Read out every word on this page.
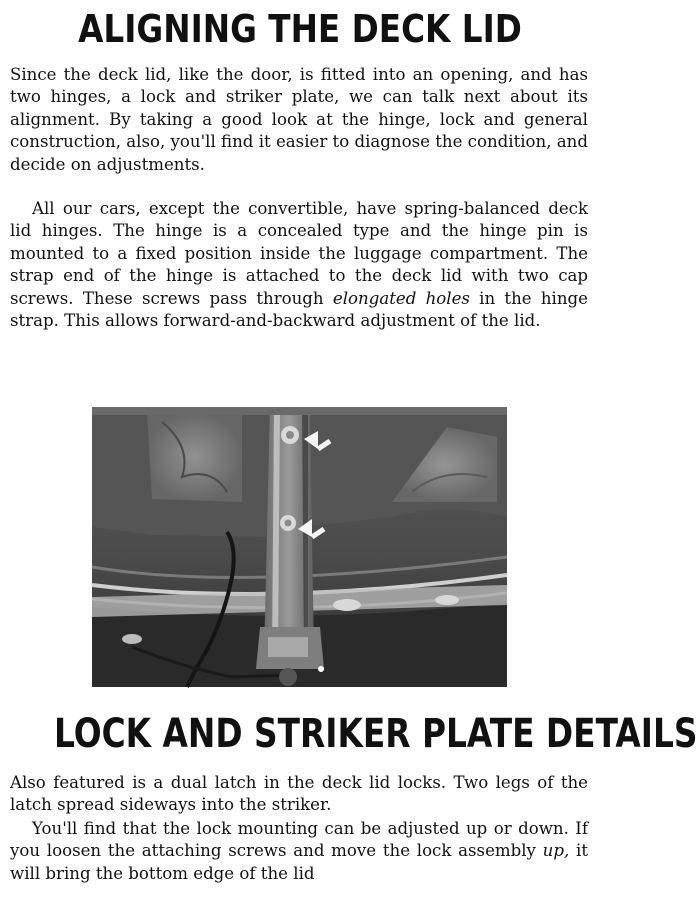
ALIGNING THE DECK LID

Since the deck lid, like the door, is fitted into an opening, and has two hinges, a lock and striker plate, we can talk next about its alignment. By taking a good look at the hinge, lock and general construction, also, you'll find it easier to diagnose the condition, and decide on adjustments.

All our cars, except the convertible, have spring-balanced deck lid hinges. The hinge is a concealed type and the hinge pin is mounted to a fixed position inside the luggage compartment. The strap end of the hinge is attached to the deck lid with two cap screws. These screws pass through elongated holes in the hinge strap. This allows forward-and-backward adjustment of the lid.

LOCK AND STRIKER PLATE DETAILS

Also featured is a dual latch in the deck lid locks. Two legs of the latch spread sideways into the striker.

You'll find that the lock mounting can be adjusted up or down. If you loosen the attaching screws and move the lock assembly up, it will bring the bottom edge of the lid
